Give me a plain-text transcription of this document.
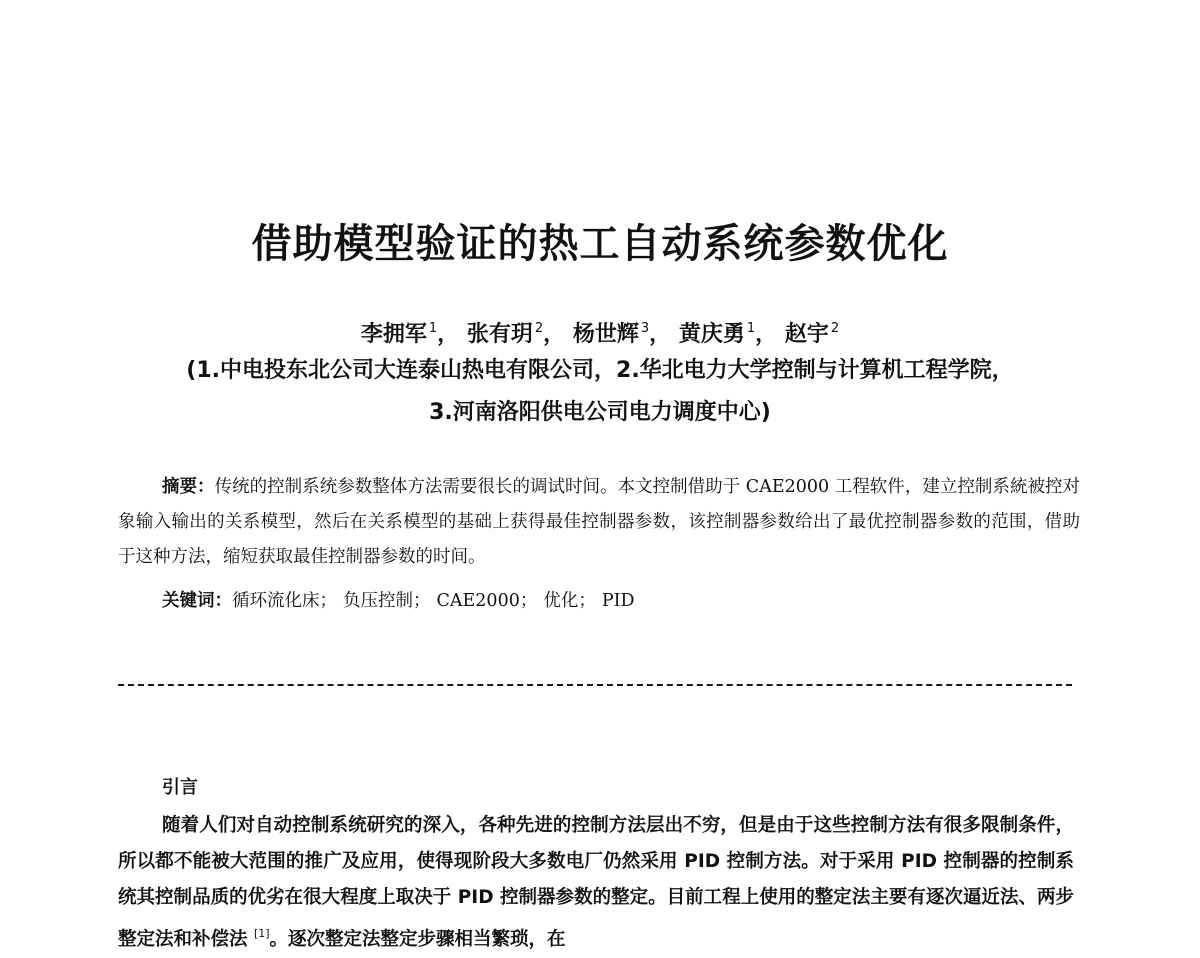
借助模型验证的热工自动系统参数优化
李拥军 $^1$， 张有玥 $^2$， 杨世辉 $^3$， 黄庆勇 $^1$， 赵宇 $^2$
(1.中电投东北公司大连泰山热电有限公司，2.华北电力大学控制与计算机工程学院，
3.河南洛阳供电公司电力调度中心)

摘要：传统的控制系统参数整体方法需要很长的调试时间。本文控制借助于 CAE2000 工程软件，建立控制系統被控对象输入输出的关系模型，然后在关系模型的基础上获得最佳控制器参数，该控制器参数给出了最优控制器参数的范围，借助于这种方法，缩短获取最佳控制器参数的时间。

关键词：循环流化床； 负压控制； CAE2000； 优化； PID

引言

随着人们对自动控制系统研究的深入，各种先进的控制方法层出不穷，但是由于这些控制方法有很多限制条件，所以都不能被大范围的推广及应用，使得现阶段大多数电厂仍然采用 PID 控制方法。对于采用 PID 控制器的控制系统其控制品质的优劣在很大程度上取决于 PID 控制器参数的整定。目前工程上使用的整定法主要有逐次逼近法、两步整定法和补偿法 [1]。逐次整定法整定步骤相当繁琐，在
